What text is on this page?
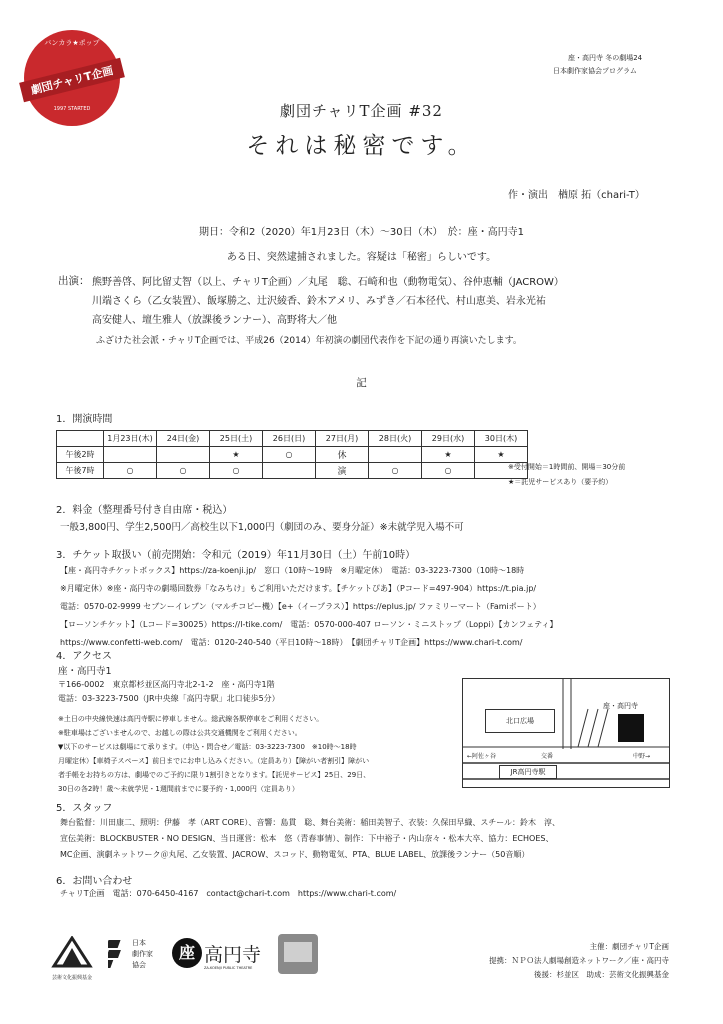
バンカラ★ポップ
劇団チャリT企画
1997 STARTED
座・高円寺 冬の劇場24
日本劇作家協会プログラム
劇団チャリT企画 #32
それは秘密です。
作・演出　楢原 拓（chari-T）
期日：令和2（2020）年1月23日（木）～30日（木）　於：座・高円寺1
ある日、突然逮捕されました。容疑は「秘密」らしいです。
出演： 熊野善啓、阿比留丈智（以上、チャリT企画）／丸尾　聡、石崎和也（動物電気）、谷仲恵輔（JACROW）
川端さくら（乙女装置）、飯塚勝之、辻沢綾香、鈴木アメリ、みずき／石本径代、村山恵美、岩永光祐
高安健人、壇生雅人（放課後ランナー）、高野将大／他
ふざけた社会派・チャリT企画では、平成26（2014）年初演の劇団代表作を下記の通り再演いたします。
記
1．開演時間
	1月23日(木)	24日(金)	25日(土)	26日(日)	27日(月)	28日(火)	29日(水)	30日(木)
午後2時			★	○	休		★	★
午後7時	○	○	○		演	○	○		※受付開始＝1時間前、開場＝30分前
★＝託児サービスあり（要予約）
2．料金（整理番号付き自由席・税込）
一般3,800円、学生2,500円／高校生以下1,000円（劇団のみ、要身分証）※未就学児入場不可
3．チケット取扱い（前売開始：令和元（2019）年11月30日（土）午前10時）
【座・高円寺チケットボックス】https://za-koenji.jp/　窓口（10時～19時　※月曜定休）　電話：03-3223-7300（10時～18時
※月曜定休）※座・高円寺の劇場回数券「なみちけ」もご利用いただけます。【チケットぴあ】（Pコード=497-904）https://t.pia.jp/
電話：0570-02-9999 セブンーイレブン（マルチコピー機）【e+（イープラス）】https://eplus.jp/ ファミリーマート（Famiポート）
【ローソンチケット】（Lコード=30025）https://l-tike.com/　電話：0570-000-407 ローソン・ミニストップ（Loppi）【カンフェティ】
https://www.confetti-web.com/　電話：0120-240-540（平日10時～18時）　【劇団チャリT企画】https://www.chari-t.com/
4．アクセス
座・高円寺1
〒166-0002　東京都杉並区高円寺北2-1-2　座・高円寺1階
電話：03-3223-7500（JR中央線「高円寺駅」北口徒歩5分）
※土日の中央線快速は高円寺駅に停車しません。総武線各駅停車をご利用ください。
※駐車場はございませんので、お越しの際は公共交通機関をご利用ください。
▼以下のサービスは劇場にて承ります。（申込・問合せ／電話：03-3223-7300　※10時～18時
月曜定休）【車椅子スペース】前日までにお申し込みください。（定員あり）【障がい者割引】障がい
者手帳をお持ちの方は、劇場でのご予約に限り1割引きとなります。【託児サービス】25日、29日、
30日の各2時！歳～未就学児・1週間前までに要予約・1,000円（定員あり）
北口広場
座・高円寺
←阿佐ヶ谷	交番	中野→
JR高円寺駅
5．スタッフ
舞台監督：川田康二、照明：伊藤　孝（ART CORE）、音響：島貫　聡、舞台美術：稲田美智子、衣装：久保田早織、スチール：鈴木　淳、
宣伝美術：BLOCKBUSTER・NO DESIGN、当日運営：松本　悠（青春事情）、制作：下中裕子・内山奈々・松本大卒、協力：ECHOES、
MC企画、演劇ネットワーク＠丸尾、乙女装置、JACROW、スコッド、動物電気、PTA、BLUE LABEL、放課後ランナー（50音順）
6．お問い合わせ
チャリT企画　電話：070-6450-4167　contact@chari-t.com　https://www.chari-t.com/
芸術文化振興基金
日本
劇作家
協会
座 高円寺
ZA-KOENJI PUBLIC THEATRE
主催：劇団チャリT企画
提携：ＮＰＯ法人劇場創造ネットワーク／座・高円寺
後援：杉並区　助成：芸術文化振興基金
